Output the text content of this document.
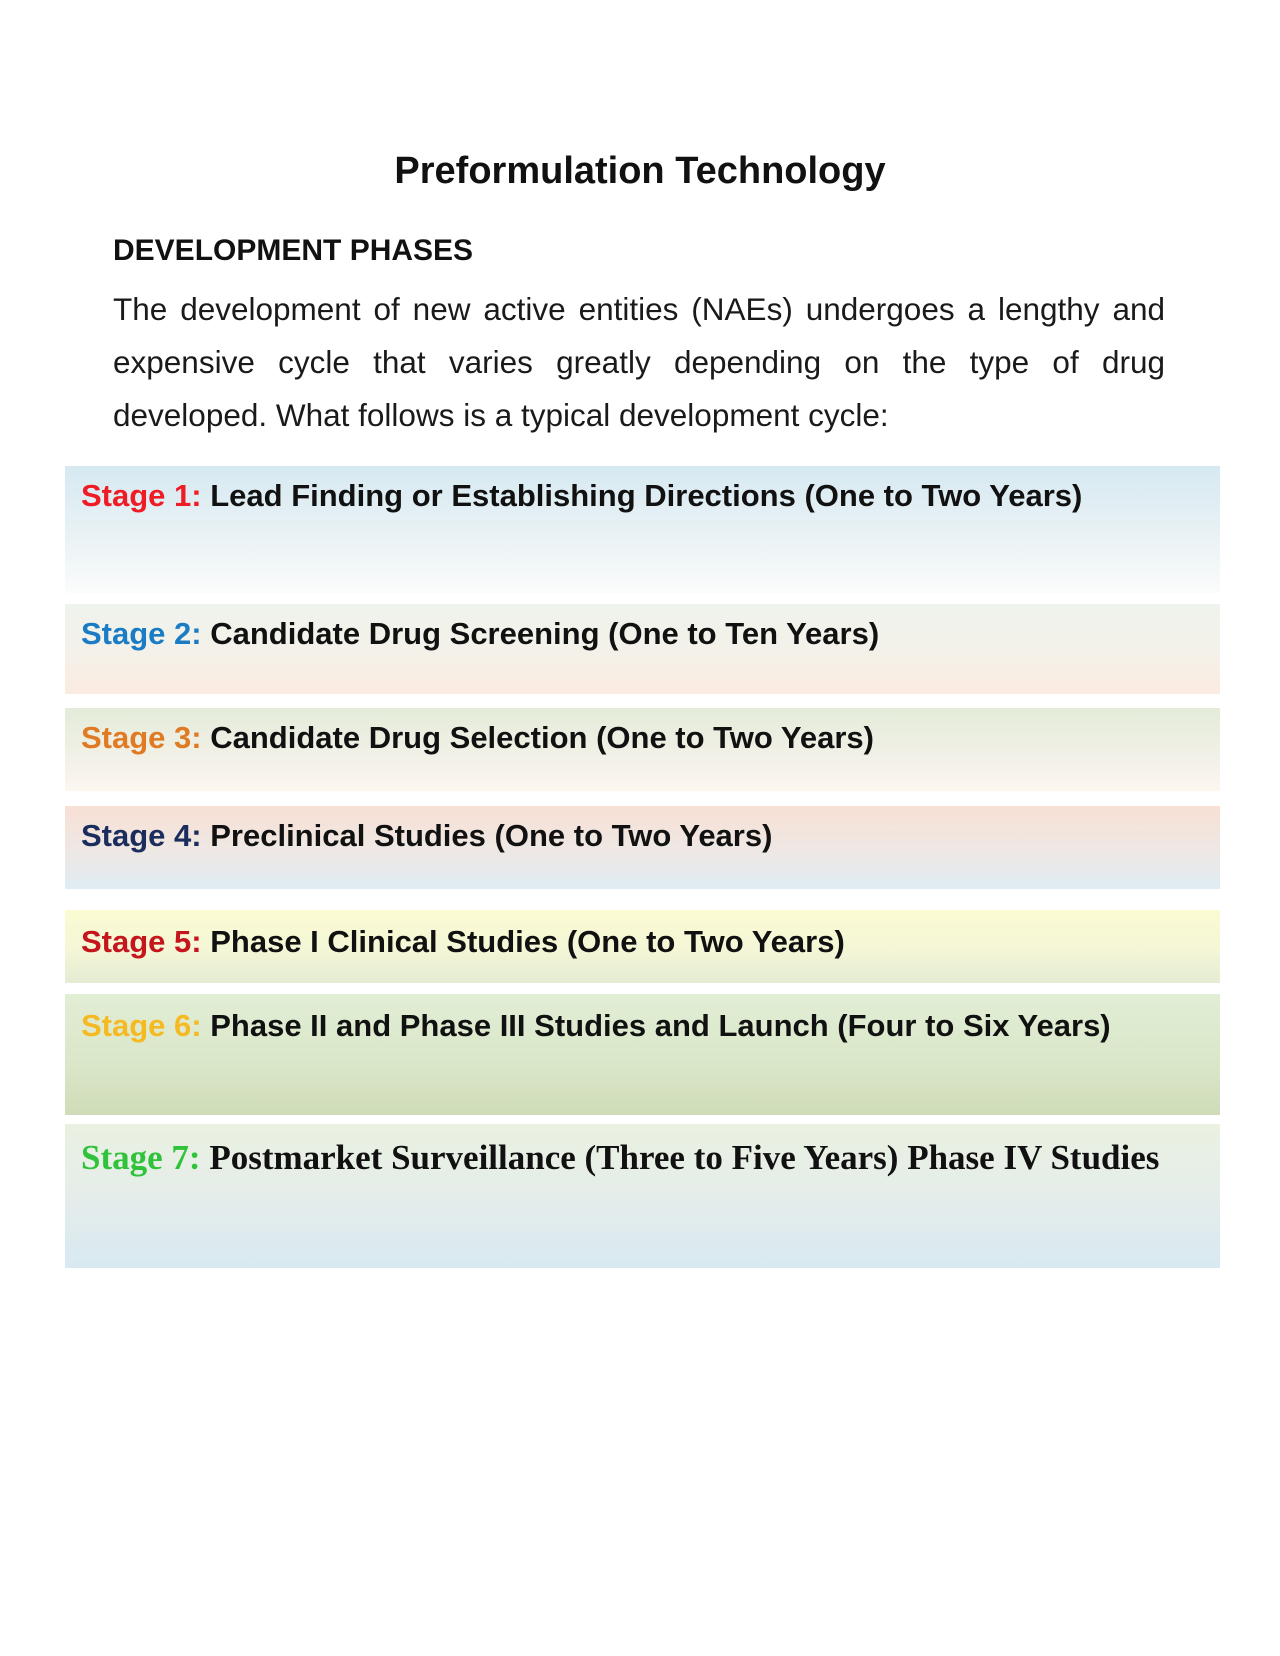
Preformulation Technology
DEVELOPMENT PHASES

The development of new active entities (NAEs) undergoes a lengthy and expensive cycle that varies greatly depending on the type of drug developed. What follows is a typical development cycle:

Stage 1: Lead Finding or Establishing Directions (One to Two Years)
Stage 2: Candidate Drug Screening (One to Ten Years)
Stage 3: Candidate Drug Selection (One to Two Years)
Stage 4: Preclinical Studies (One to Two Years)
Stage 5: Phase I Clinical Studies (One to Two Years)
Stage 6: Phase II and Phase III Studies and Launch (Four to Six Years)
Stage 7: Postmarket Surveillance (Three to Five Years) Phase IV Studies
